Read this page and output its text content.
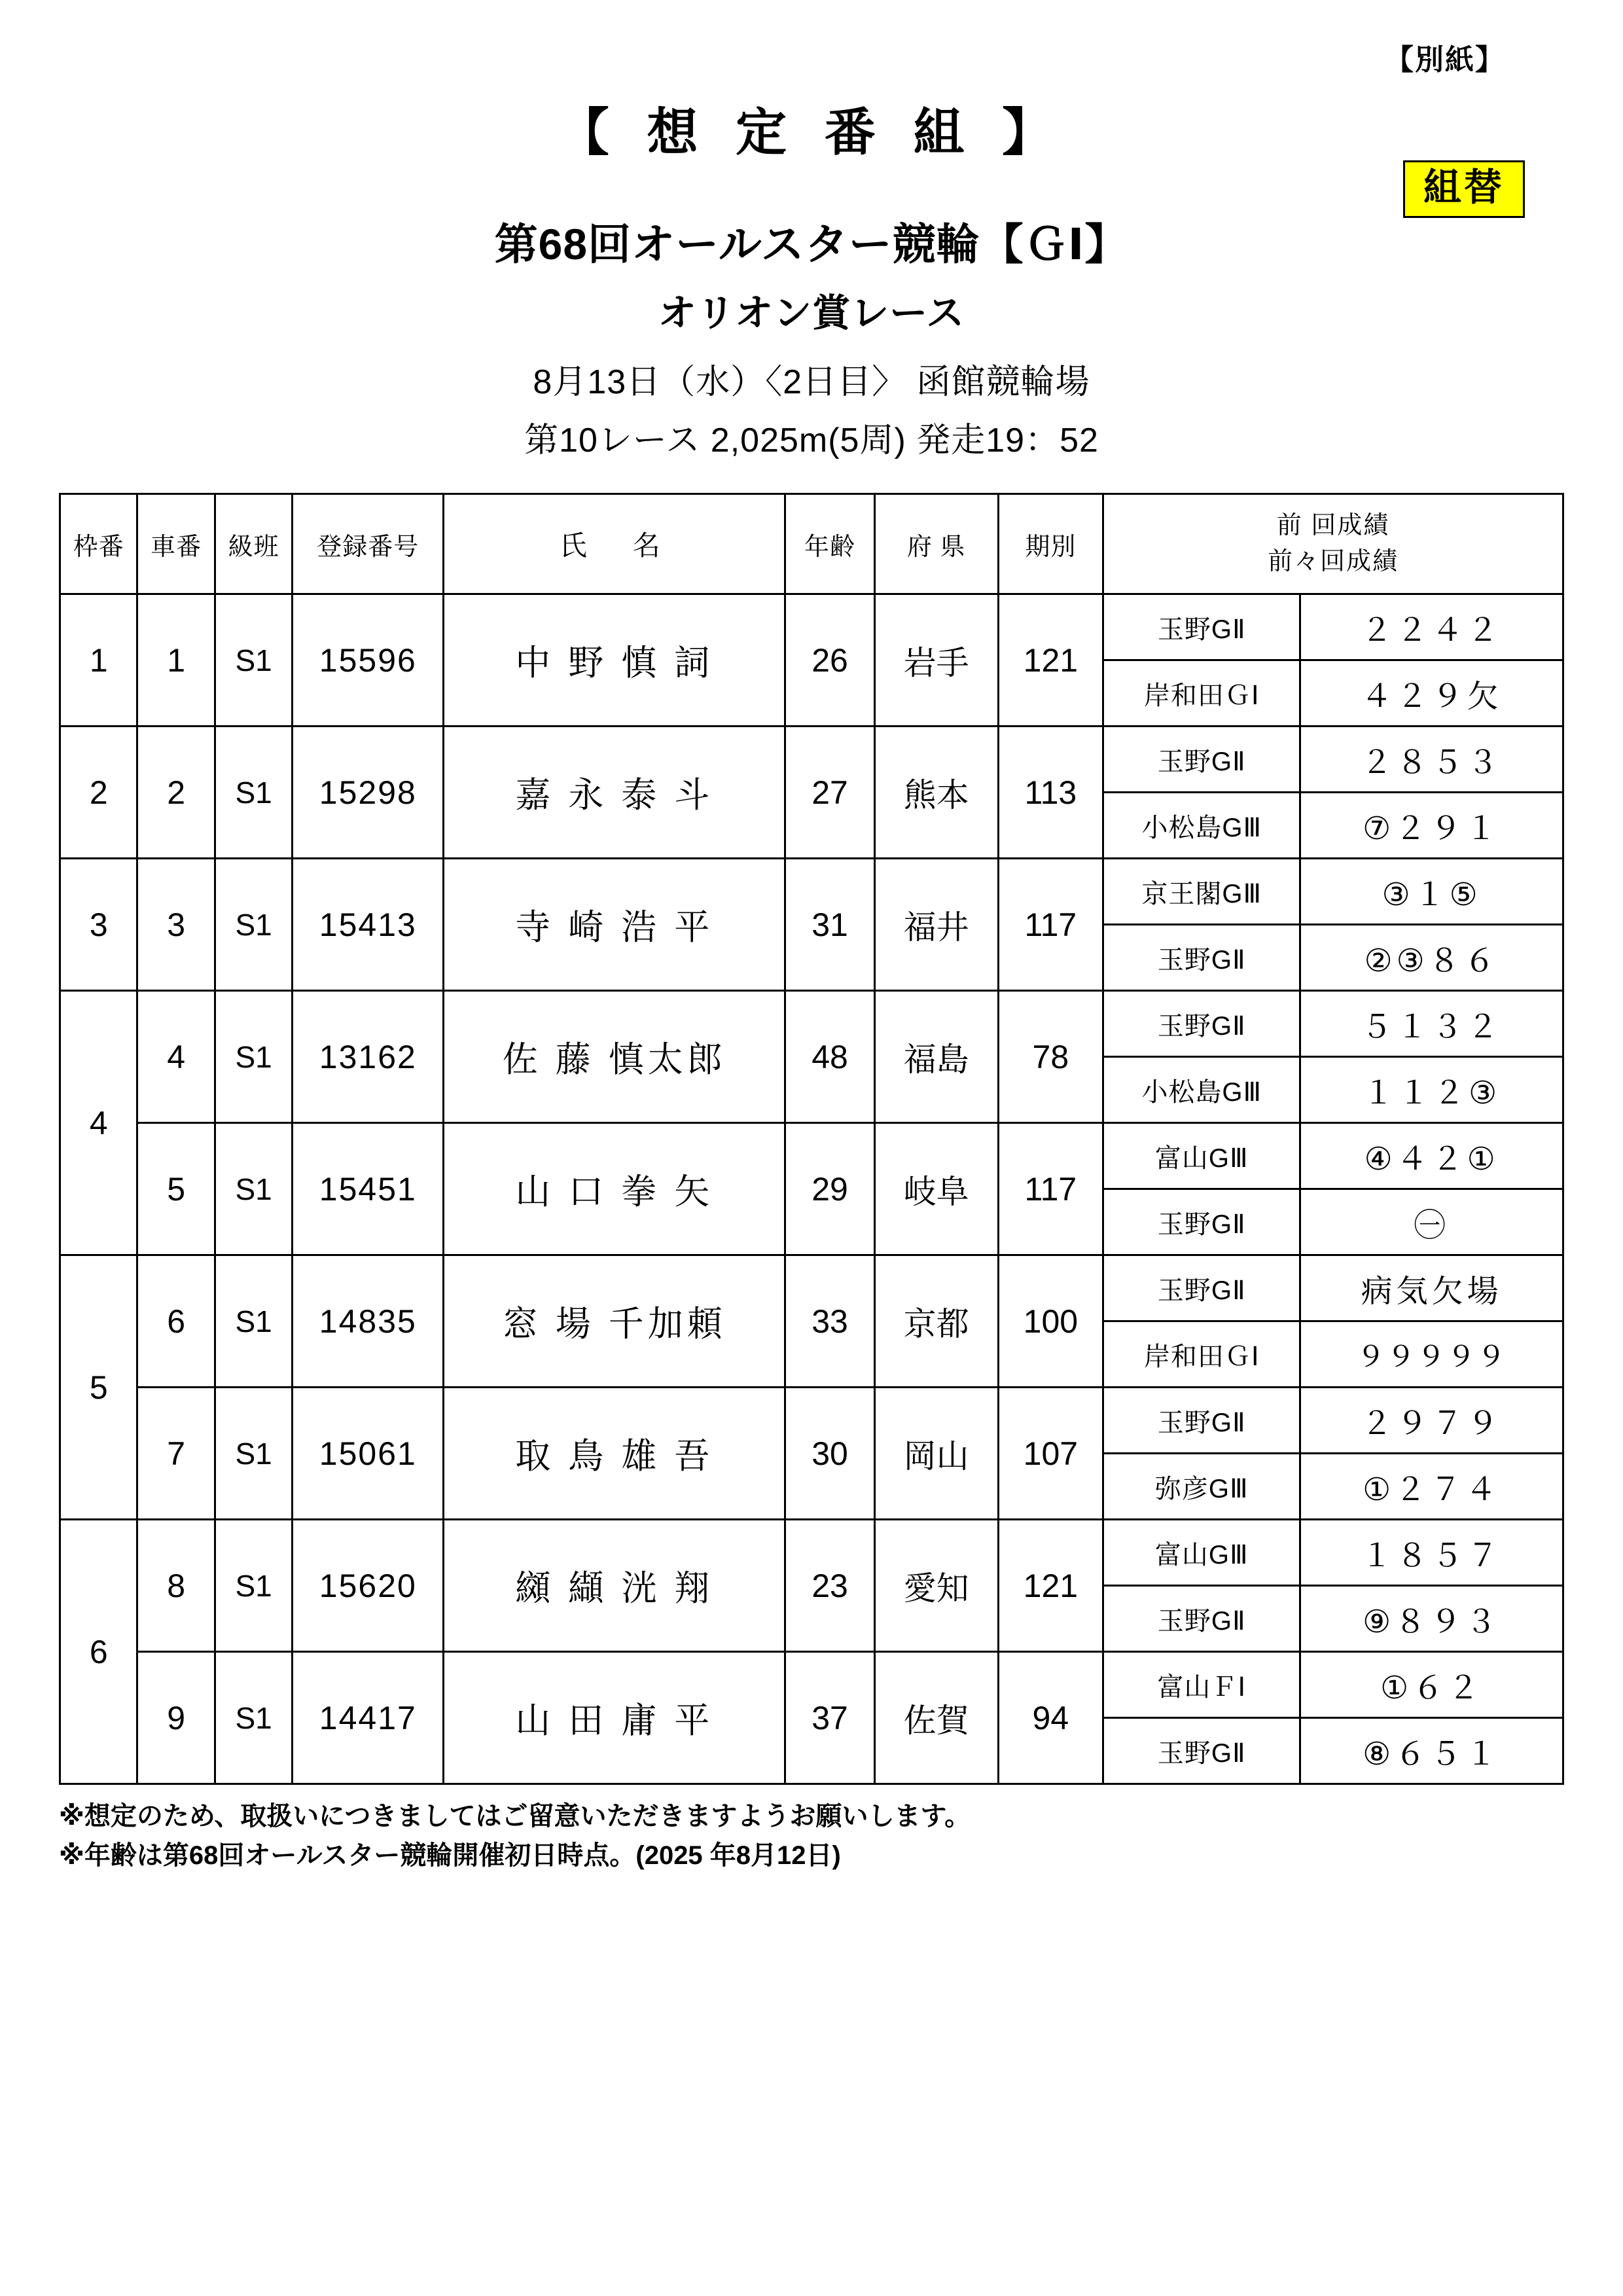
【別紙】
【 想 定 番 組 】
組替
第68回オールスター競輪【ＧⅠ】
オリオン賞レース
8月13日（水）〈2日目〉 函館競輪場
第10レース 2,025m(5周) 発走19：52
枠番	車番	級班	登録番号	氏　名	年齢	府 県	期別	前 回成績
前々回成績	

1	1	S1	15596	中 野 慎 詞	26	岩手	121	玉野GⅡ	２２４２
								岸和田ＧⅠ	４２９欠
2	2	S1	15298	嘉 永 泰 斗	27	熊本	113	玉野GⅡ	２８５３
								小松島GⅢ	⑦２９１
3	3	S1	15413	寺 崎 浩 平	31	福井	117	京王閣GⅢ	③１⑤
								玉野GⅡ	②③８６
4	4	S1	13162	佐 藤 慎太郎	48	福島	78	玉野GⅡ	５１３２
								小松島GⅢ	１１２③
	5	S1	15451	山 口 拳 矢	29	岐阜	117	富山GⅢ	④４２①
								玉野GⅡ	㊀
5	6	S1	14835	窓 場 千加頼	33	京都	100	玉野GⅡ	病気欠場
								岸和田ＧⅠ	９９９９９
	7	S1	15061	取 鳥 雄 吾	30	岡山	107	玉野GⅡ	２９７９
								弥彦GⅢ	①２７４
6	8	S1	15620	纐 纈 洸 翔	23	愛知	121	富山GⅢ	１８５７
								玉野GⅡ	⑨８９３
	9	S1	14417	山 田 庸 平	37	佐賀	94	富山ＦⅠ	①６２
								玉野GⅡ	⑧６５１
※想定のため、取扱いにつきましてはご留意いただきますようお願いします。
※年齢は第68回オールスター競輪開催初日時点。(2025 年8月12日)
